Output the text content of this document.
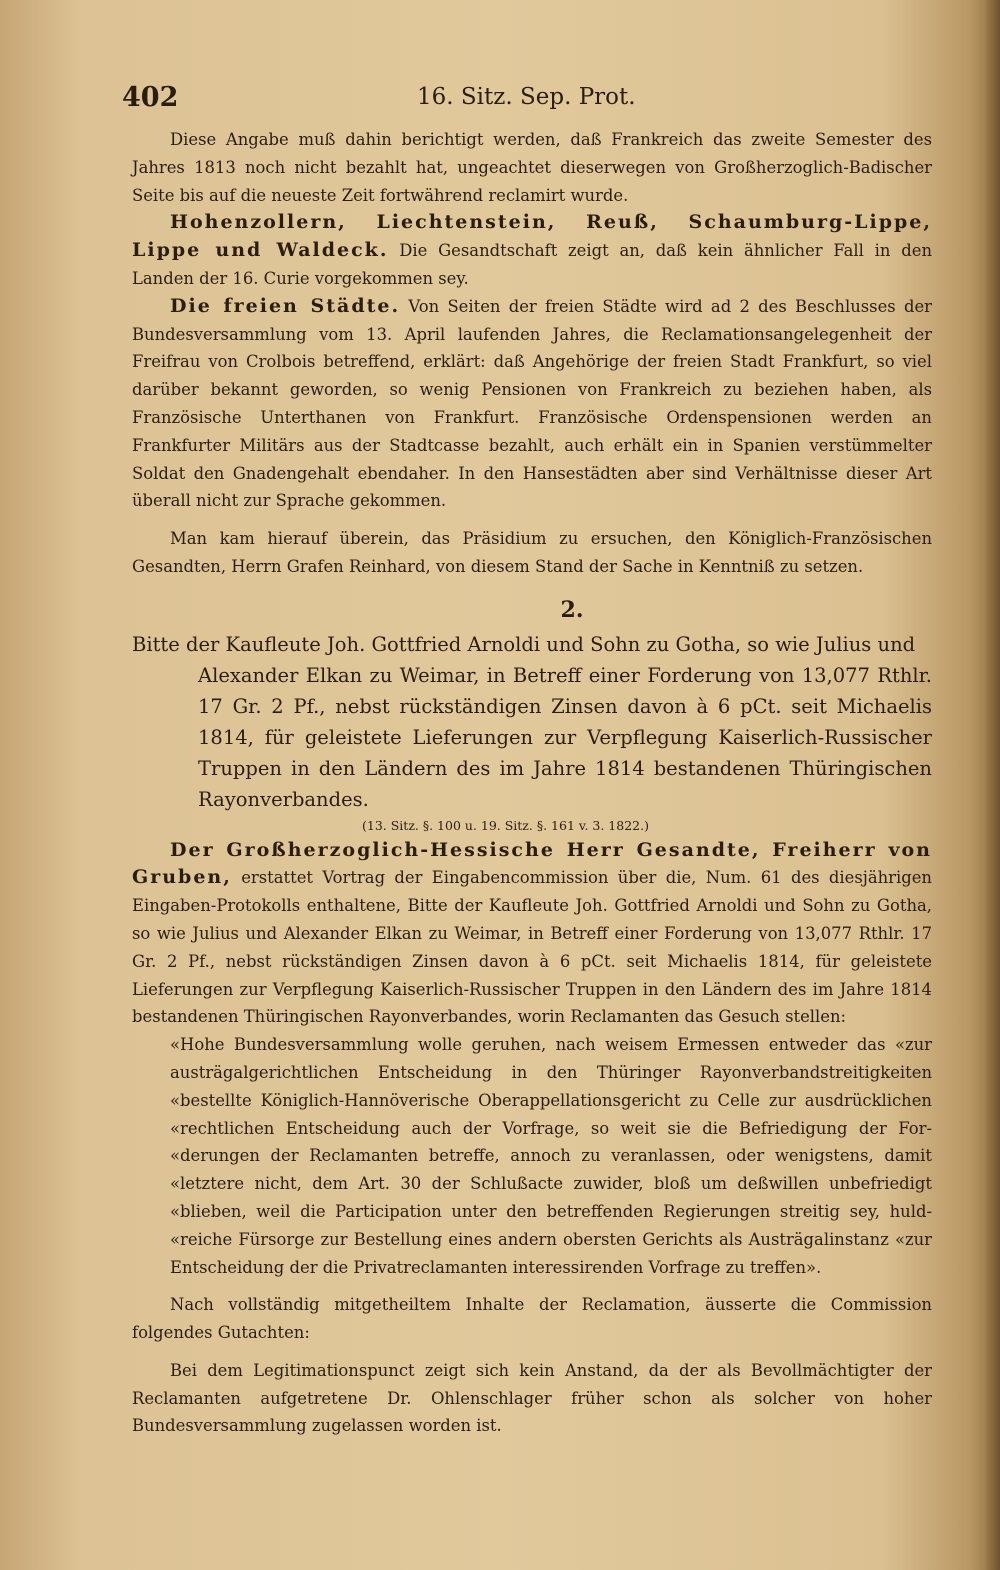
402	16. Sitz. Sep. Prot.

Diese Angabe muß dahin berichtigt werden, daß Frankreich das zweite Semester des Jahres 1813 noch nicht bezahlt hat, ungeachtet dieserwegen von Großherzoglich-Badischer Seite bis auf die neueste Zeit fortwährend reclamirt wurde.

Hohenzollern, Liechtenstein, Reuß, Schaumburg-Lippe, Lippe und Waldeck. Die Gesandtschaft zeigt an, daß kein ähnlicher Fall in den Landen der 16. Curie vorgekommen sey.

Die freien Städte. Von Seiten der freien Städte wird ad 2 des Beschlusses der Bundesversammlung vom 13. April laufenden Jahres, die Reclamationsangelegenheit der Freifrau von Crolbois betreffend, erklärt: daß Angehörige der freien Stadt Frankfurt, so viel darüber bekannt geworden, so wenig Pensionen von Frankreich zu beziehen haben, als Französische Unterthanen von Frankfurt. Französische Ordenspensionen werden an Frankfurter Militärs aus der Stadtcasse bezahlt, auch erhält ein in Spanien verstümmelter Soldat den Gnadengehalt ebendaher. In den Hansestädten aber sind Verhältnisse dieser Art überall nicht zur Sprache gekommen.

Man kam hierauf überein, das Präsidium zu ersuchen, den Königlich-Französischen Gesandten, Herrn Grafen Reinhard, von diesem Stand der Sache in Kenntniß zu setzen.

2.

Bitte der Kaufleute Joh. Gottfried Arnoldi und Sohn zu Gotha, so wie Julius und

Alexander Elkan zu Weimar, in Betreff einer Forderung von 13,077 Rthlr. 17 Gr. 2 Pf., nebst rückständigen Zinsen davon à 6 pCt. seit Michaelis 1814, für geleistete Lieferungen zur Verpflegung Kaiserlich-Russischer Truppen in den Ländern des im Jahre 1814 bestandenen Thüringischen Rayonverbandes.

(13. Sitz. §. 100 u. 19. Sitz. §. 161 v. 3. 1822.)

Der Großherzoglich-Hessische Herr Gesandte, Freiherr von Gruben, erstattet Vortrag der Eingabencommission über die, Num. 61 des diesjährigen Eingaben-Protokolls enthaltene, Bitte der Kaufleute Joh. Gottfried Arnoldi und Sohn zu Gotha, so wie Julius und Alexander Elkan zu Weimar, in Betreff einer Forderung von 13,077 Rthlr. 17 Gr. 2 Pf., nebst rückständigen Zinsen davon à 6 pCt. seit Michaelis 1814, für geleistete Lieferungen zur Verpflegung Kaiserlich-Russischer Truppen in den Ländern des im Jahre 1814 bestandenen Thüringischen Rayonverbandes, worin Reclamanten das Gesuch stellen:

«Hohe Bundesversammlung wolle geruhen, nach weisem Ermessen entweder das «zur austrägalgerichtlichen Entscheidung in den Thüringer Rayonverbandstreitigkeiten «bestellte Königlich-Hannöverische Oberappellationsgericht zu Celle zur ausdrücklichen «rechtlichen Entscheidung auch der Vorfrage, so weit sie die Befriedigung der For- «derungen der Reclamanten betreffe, annoch zu veranlassen, oder wenigstens, damit «letztere nicht, dem Art. 30 der Schlußacte zuwider, bloß um deßwillen unbefriedigt «blieben, weil die Participation unter den betreffenden Regierungen streitig sey, huld- «reiche Fürsorge zur Bestellung eines andern obersten Gerichts als Austrägalinstanz «zur Entscheidung der die Privatreclamanten interessirenden Vorfrage zu treffen».

Nach vollständig mitgetheiltem Inhalte der Reclamation, äusserte die Commission folgendes Gutachten:

Bei dem Legitimationspunct zeigt sich kein Anstand, da der als Bevollmächtigter der Reclamanten aufgetretene Dr. Ohlenschlager früher schon als solcher von hoher Bundesversammlung zugelassen worden ist.
